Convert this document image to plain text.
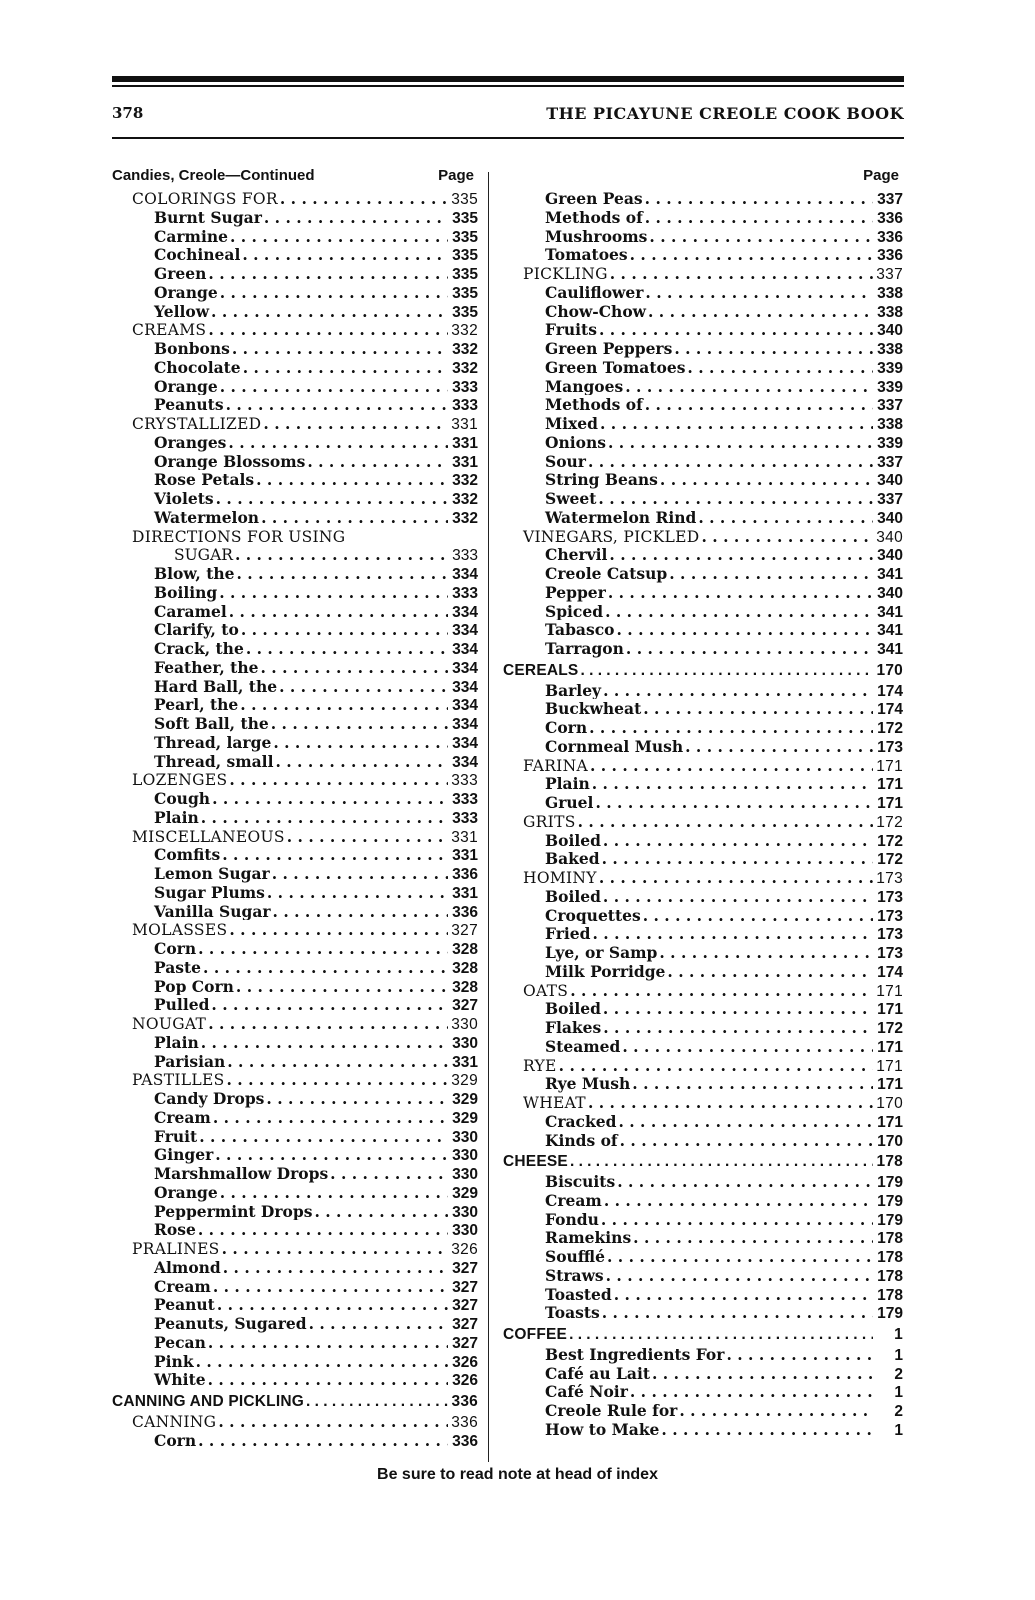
378	THE PICAYUNE CREOLE COOK BOOK
Candies, Creole—Continued	Page
COLORINGS FOR . . .	335
Burnt Sugar . . .	335
Carmine . . .	335
Cochineal . . .	335
Green . . .	335
Orange . . .	335
Yellow . . .	335
CREAMS . . .	332
Bonbons . . .	332
Chocolate . . .	332
Orange . . .	333
Peanuts . . .	333
CRYSTALLIZED . . .	331
Oranges . . .	331
Orange Blossoms . . .	331
Rose Petals . . .	332
Violets . . .	332
Watermelon . . .	332
DIRECTIONS FOR USING
SUGAR . . .	333
Blow, the . . .	334
Boiling . . .	333
Caramel . . .	334
Clarify, to . . .	334
Crack, the . . .	334
Feather, the . . .	334
Hard Ball, the . . .	334
Pearl, the . . .	334
Soft Ball, the . . .	334
Thread, large . . .	334
Thread, small . . .	334
LOZENGES . . .	333
Cough . . .	333
Plain . . .	333
MISCELLANEOUS . . .	331
Comfits . . .	331
Lemon Sugar . . .	336
Sugar Plums . . .	331
Vanilla Sugar . . .	336
MOLASSES . . .	327
Corn . . .	328
Paste . . .	328
Pop Corn . . .	328
Pulled . . .	327
NOUGAT . . .	330
Plain . . .	330
Parisian . . .	331
PASTILLES . . .	329
Candy Drops . . .	329
Cream . . .	329
Fruit . . .	330
Ginger . . .	330
Marshmallow Drops . . .	330
Orange . . .	329
Peppermint Drops . . .	330
Rose . . .	330
PRALINES . . .	326
Almond . . .	327
Cream . . .	327
Peanut . . .	327
Peanuts, Sugared . . .	327
Pecan . . .	327
Pink . . .	326
White . . .	326
CANNING AND PICKLING . . .	336
CANNING . . .	336
Corn . . .	336
Page
Green Peas . . .	337
Methods of . . .	336
Mushrooms . . .	336
Tomatoes . . .	336
PICKLING . . .	337
Cauliflower . . .	338
Chow-Chow . . .	338
Fruits . . .	340
Green Peppers . . .	338
Green Tomatoes . . .	339
Mangoes . . .	339
Methods of . . .	337
Mixed . . .	338
Onions . . .	339
Sour . . .	337
String Beans . . .	340
Sweet . . .	337
Watermelon Rind . . .	340
VINEGARS, PICKLED . . .	340
Chervil . . .	340
Creole Catsup . . .	341
Pepper . . .	340
Spiced . . .	341
Tabasco . . .	341
Tarragon . . .	341
CEREALS . . .	170
Barley . . .	174
Buckwheat . . .	174
Corn . . .	172
Cornmeal Mush . . .	173
FARINA . . .	171
Plain . . .	171
Gruel . . .	171
GRITS . . .	172
Boiled . . .	172
Baked . . .	172
HOMINY . . .	173
Boiled . . .	173
Croquettes . . .	173
Fried . . .	173
Lye, or Samp . . .	173
Milk Porridge . . .	174
OATS . . .	171
Boiled . . .	171
Flakes . . .	172
Steamed . . .	171
RYE . . .	171
Rye Mush . . .	171
WHEAT . . .	170
Cracked . . .	171
Kinds of . . .	170
CHEESE . . .	178
Biscuits . . .	179
Cream . . .	179
Fondu . . .	179
Ramekins . . .	178
Soufflé . . .	178
Straws . . .	178
Toasted . . .	178
Toasts . . .	179
COFFEE . . .	1
Best Ingredients For . . .	1
Café au Lait . . .	2
Café Noir . . .	1
Creole Rule for . . .	2
How to Make . . .	1
Be sure to read note at head of index
